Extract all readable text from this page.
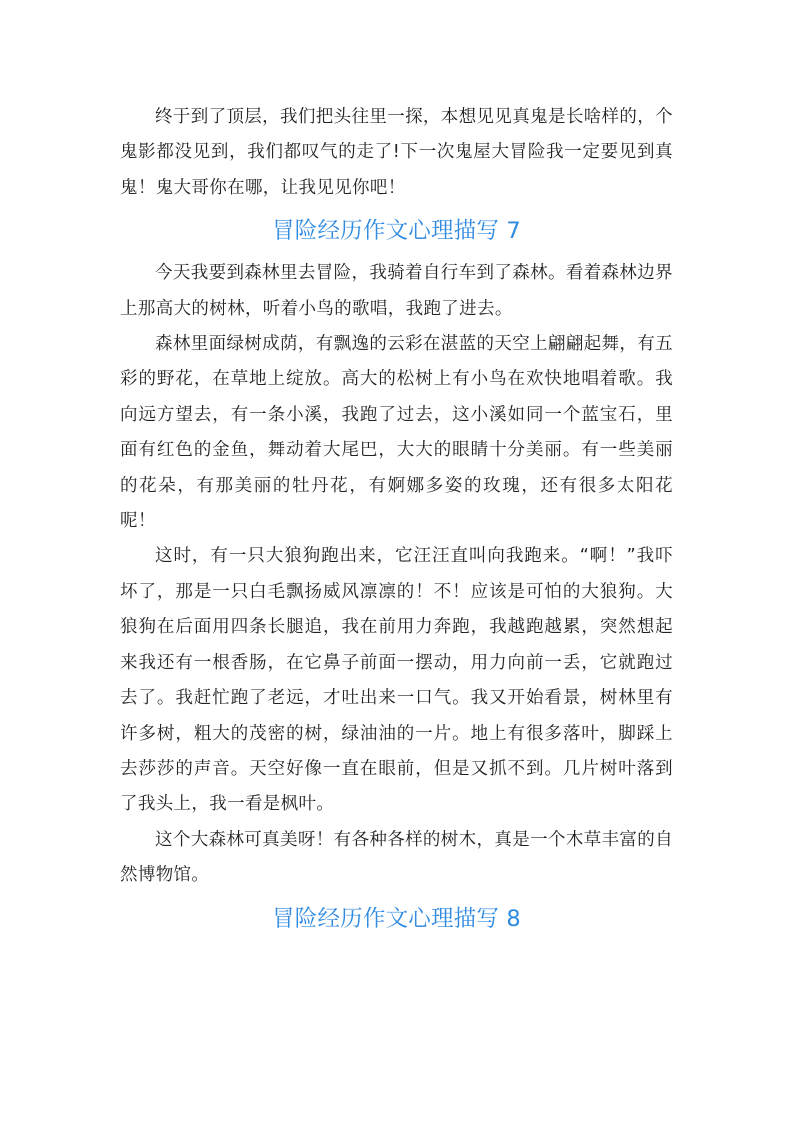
终于到了顶层，我们把头往里一探，本想见见真鬼是长啥样的，个鬼影都没见到，我们都叹气的走了!下一次鬼屋大冒险我一定要见到真鬼！鬼大哥你在哪，让我见见你吧！

冒险经历作文心理描写 7

今天我要到森林里去冒险，我骑着自行车到了森林。看着森林边界上那高大的树林，听着小鸟的歌唱，我跑了进去。

森林里面绿树成荫，有飘逸的云彩在湛蓝的天空上翩翩起舞，有五彩的野花，在草地上绽放。高大的松树上有小鸟在欢快地唱着歌。我向远方望去，有一条小溪，我跑了过去，这小溪如同一个蓝宝石，里面有红色的金鱼，舞动着大尾巴，大大的眼睛十分美丽。有一些美丽的花朵，有那美丽的牡丹花，有婀娜多姿的玫瑰，还有很多太阳花呢！

这时，有一只大狼狗跑出来，它汪汪直叫向我跑来。“啊！”我吓坏了，那是一只白毛飘扬威风凛凛的！不！应该是可怕的大狼狗。大狼狗在后面用四条长腿追，我在前用力奔跑，我越跑越累，突然想起来我还有一根香肠，在它鼻子前面一摆动，用力向前一丢，它就跑过去了。我赶忙跑了老远，才吐出来一口气。我又开始看景，树林里有许多树，粗大的茂密的树，绿油油的一片。地上有很多落叶，脚踩上去莎莎的声音。天空好像一直在眼前，但是又抓不到。几片树叶落到了我头上，我一看是枫叶。

这个大森林可真美呀！有各种各样的树木，真是一个木草丰富的自然博物馆。

冒险经历作文心理描写 8
